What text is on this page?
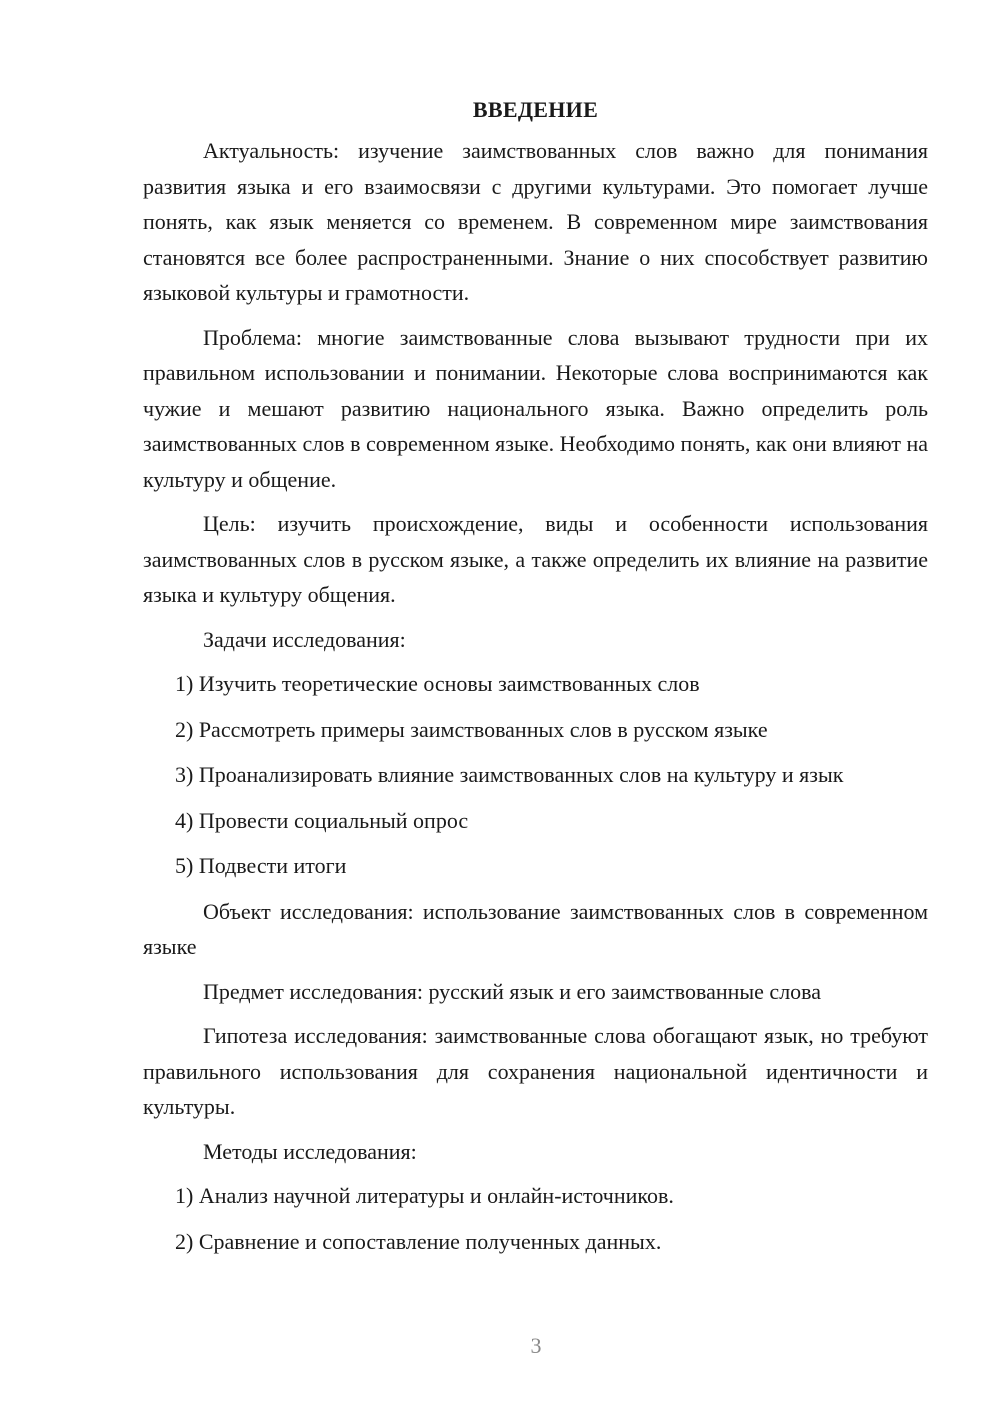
ВВЕДЕНИЕ

Актуальность: изучение заимствованных слов важно для понимания развития языка и его взаимосвязи с другими культурами. Это помогает лучше понять, как язык меняется со временем. В современном мире заимствования становятся все более распространенными. Знание о них способствует развитию языковой культуры и грамотности.

Проблема: многие заимствованные слова вызывают трудности при их правильном использовании и понимании. Некоторые слова воспринимаются как чужие и мешают развитию национального языка. Важно определить роль заимствованных слов в современном языке. Необходимо понять, как они влияют на культуру и общение.

Цель: изучить происхождение, виды и особенности использования заимствованных слов в русском языке, а также определить их влияние на развитие языка и культуру общения.

Задачи исследования:

1) Изучить теоретические основы заимствованных слов

2) Рассмотреть примеры заимствованных слов в русском языке

3) Проанализировать влияние заимствованных слов на культуру и язык

4) Провести социальный опрос

5) Подвести итоги

Объект исследования: использование заимствованных слов в современном языке

Предмет исследования: русский язык и его заимствованные слова

Гипотеза исследования: заимствованные слова обогащают язык, но требуют правильного использования для сохранения национальной идентичности и культуры.

Методы исследования:

1) Анализ научной литературы и онлайн-источников.

2) Сравнение и сопоставление полученных данных.

3
